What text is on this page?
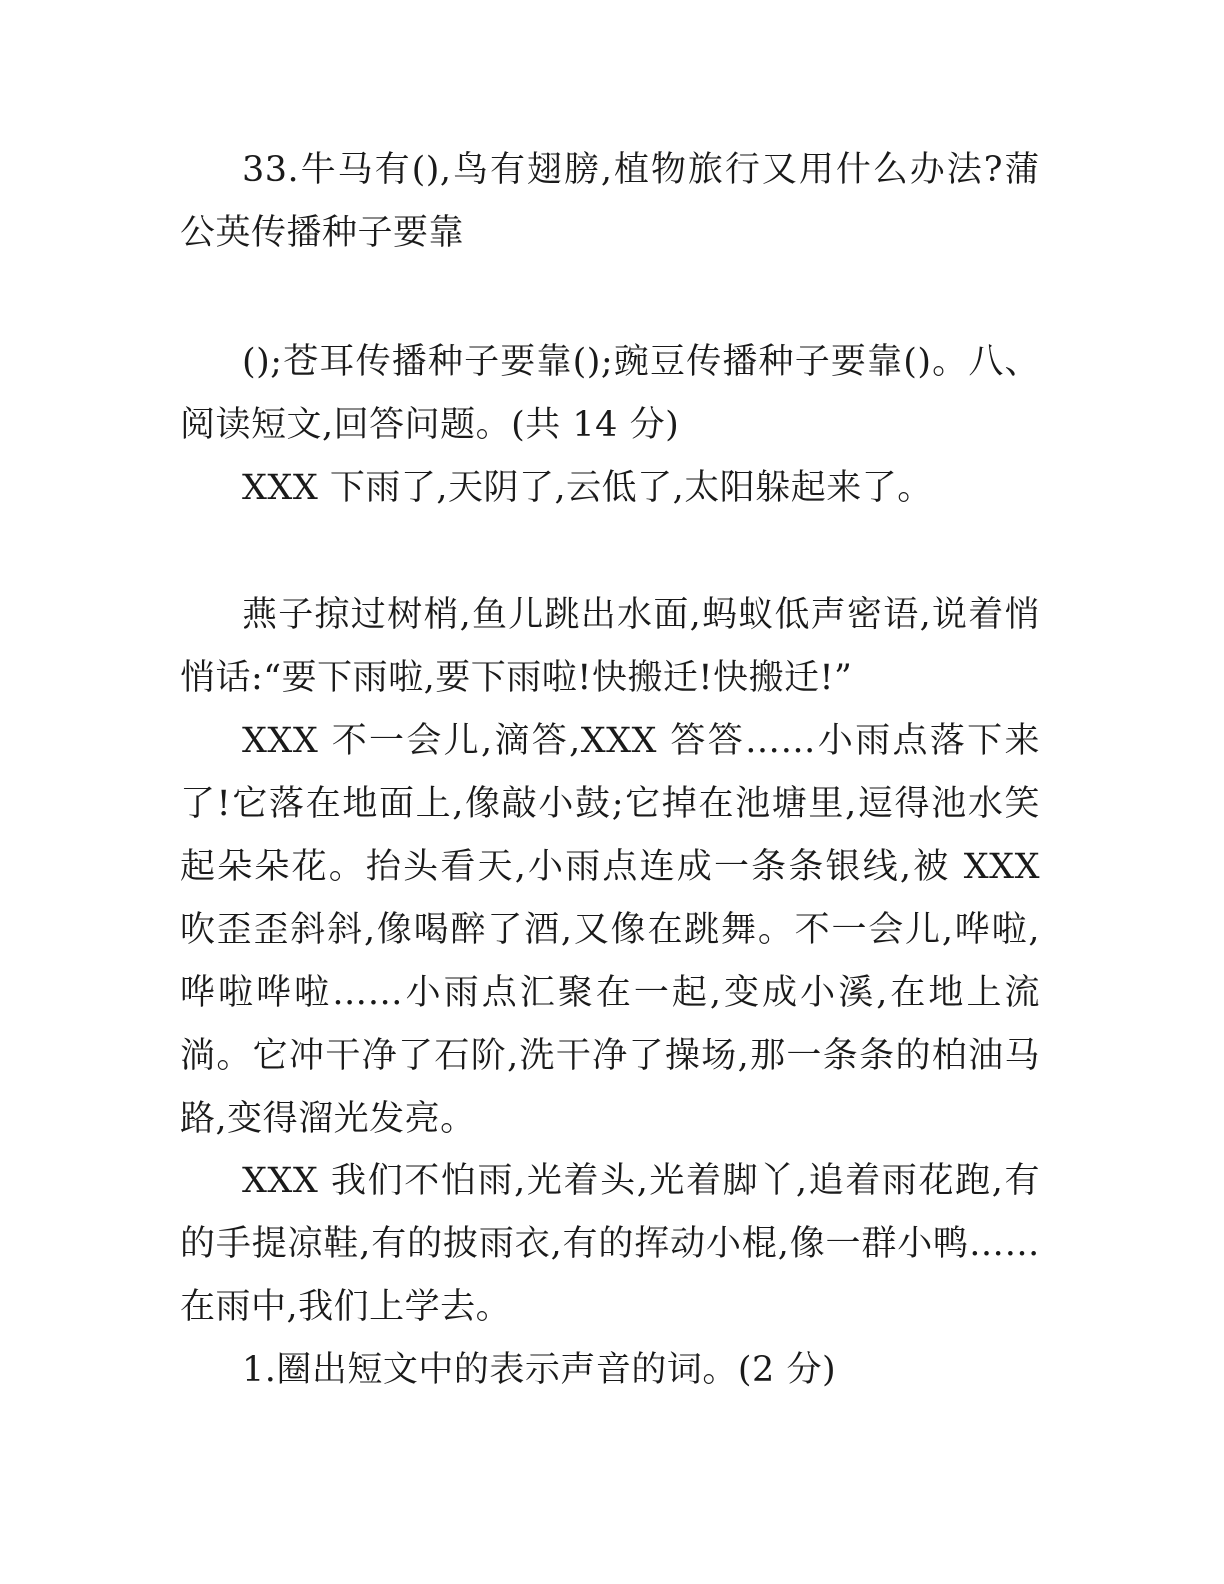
33.牛马有(),鸟有翅膀,植物旅行又用什么办法?蒲公英传播种子要靠

();苍耳传播种子要靠();豌豆传播种子要靠()。八、阅读短文,回答问题。(共 14 分)

XXX 下雨了,天阴了,云低了,太阳躲起来了。

燕子掠过树梢,鱼儿跳出水面,蚂蚁低声密语,说着悄悄话:“要下雨啦,要下雨啦!快搬迁!快搬迁!”

XXX 不一会儿,滴答,XXX 答答……小雨点落下来了!它落在地面上,像敲小鼓;它掉在池塘里,逗得池水笑起朵朵花。抬头看天,小雨点连成一条条银线,被 XXX 吹歪歪斜斜,像喝醉了酒,又像在跳舞。不一会儿,哗啦,哗啦哗啦……小雨点汇聚在一起,变成小溪,在地上流淌。它冲干净了石阶,洗干净了操场,那一条条的柏油马路,变得溜光发亮。

XXX 我们不怕雨,光着头,光着脚丫,追着雨花跑,有的手提凉鞋,有的披雨衣,有的挥动小棍,像一群小鸭……在雨中,我们上学去。

1.圈出短文中的表示声音的词。(2 分)
